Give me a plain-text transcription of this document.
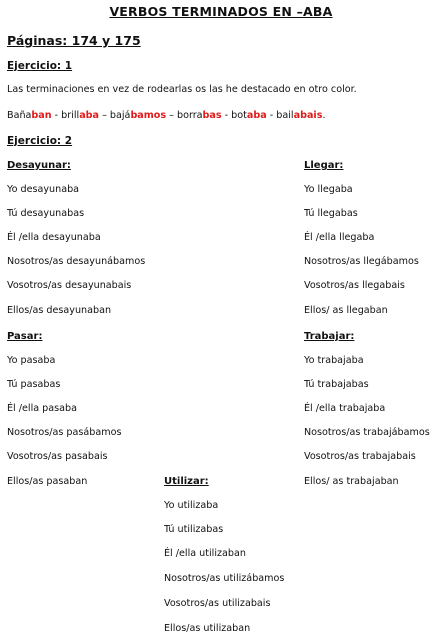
VERBOS TERMINADOS EN –ABA
Páginas: 174 y 175
Ejercicio: 1
Las terminaciones en vez de rodearlas os las he destacado en otro color.
Bañaban - brillaba – bajábamos – borrabas - botaba - bailabais.
Ejercicio: 2
Desayunar:
Yo desayunaba
Tú desayunabas
Él /ella desayunaba
Nosotros/as desayunábamos
Vosotros/as desayunabais
Ellos/as desayunaban
Llegar:
Yo llegaba
Tú llegabas
Él /ella llegaba
Nosotros/as llegábamos
Vosotros/as llegabais
Ellos/ as llegaban
Pasar:
Yo pasaba
Tú pasabas
Él /ella pasaba
Nosotros/as pasábamos
Vosotros/as pasabais
Ellos/as pasaban
Trabajar:
Yo trabajaba
Tú trabajabas
Él /ella trabajaba
Nosotros/as trabajábamos
Vosotros/as trabajabais
Ellos/ as trabajaban
Utilizar:
Yo utilizaba
Tú utilizabas
Él /ella utilizaban
Nosotros/as utilizábamos
Vosotros/as utilizabais
Ellos/as utilizaban
